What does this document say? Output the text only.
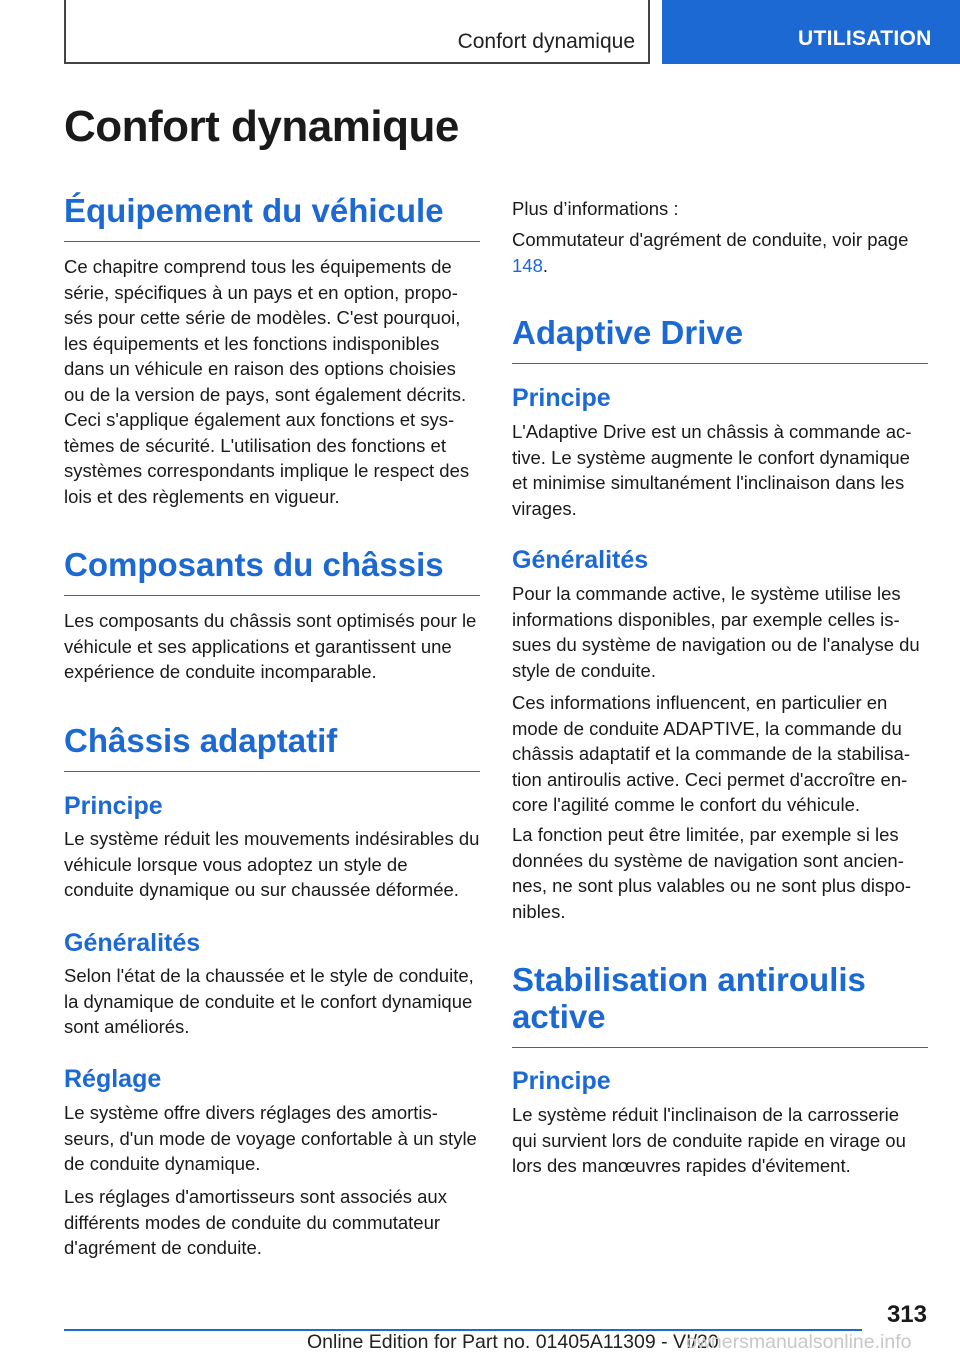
Confort dynamique	UTILISATION
Confort dynamique
Équipement du véhicule
Ce chapitre comprend tous les équipements de série, spécifiques à un pays et en option, proposés pour cette série de modèles. C'est pourquoi, les équipements et les fonctions indisponibles dans un véhicule en raison des options choisies ou de la version de pays, sont également décrits. Ceci s'applique également aux fonctions et systèmes de sécurité. L'utilisation des fonctions et systèmes correspondants implique le respect des lois et des règlements en vigueur.
Composants du châssis
Les composants du châssis sont optimisés pour le véhicule et ses applications et garantissent une expérience de conduite incomparable.
Châssis adaptatif
Principe
Le système réduit les mouvements indésirables du véhicule lorsque vous adoptez un style de conduite dynamique ou sur chaussée déformée.
Généralités
Selon l'état de la chaussée et le style de conduite, la dynamique de conduite et le confort dynamique sont améliorés.
Réglage
Le système offre divers réglages des amortisseurs, d'un mode de voyage confortable à un style de conduite dynamique.
Les réglages d'amortisseurs sont associés aux différents modes de conduite du commutateur d'agrément de conduite.
Plus d’informations :
Commutateur d'agrément de conduite, voir page 148.
Adaptive Drive
Principe
L'Adaptive Drive est un châssis à commande active. Le système augmente le confort dynamique et minimise simultanément l'inclinaison dans les virages.
Généralités
Pour la commande active, le système utilise les informations disponibles, par exemple celles issues du système de navigation ou de l'analyse du style de conduite.
Ces informations influencent, en particulier en mode de conduite ADAPTIVE, la commande du châssis adaptatif et la commande de la stabilisation antiroulis active. Ceci permet d'accroître encore l'agilité comme le confort du véhicule.
La fonction peut être limitée, par exemple si les données du système de navigation sont anciennes, ne sont plus valables ou ne sont plus disponibles.
Stabilisation antiroulis active
Principe
Le système réduit l'inclinaison de la carrosserie qui survient lors de conduite rapide en virage ou lors des manœuvres rapides d'évitement.
313
Online Edition for Part no. 01405A11309 - VI/20
ownersmanualsonline.info
